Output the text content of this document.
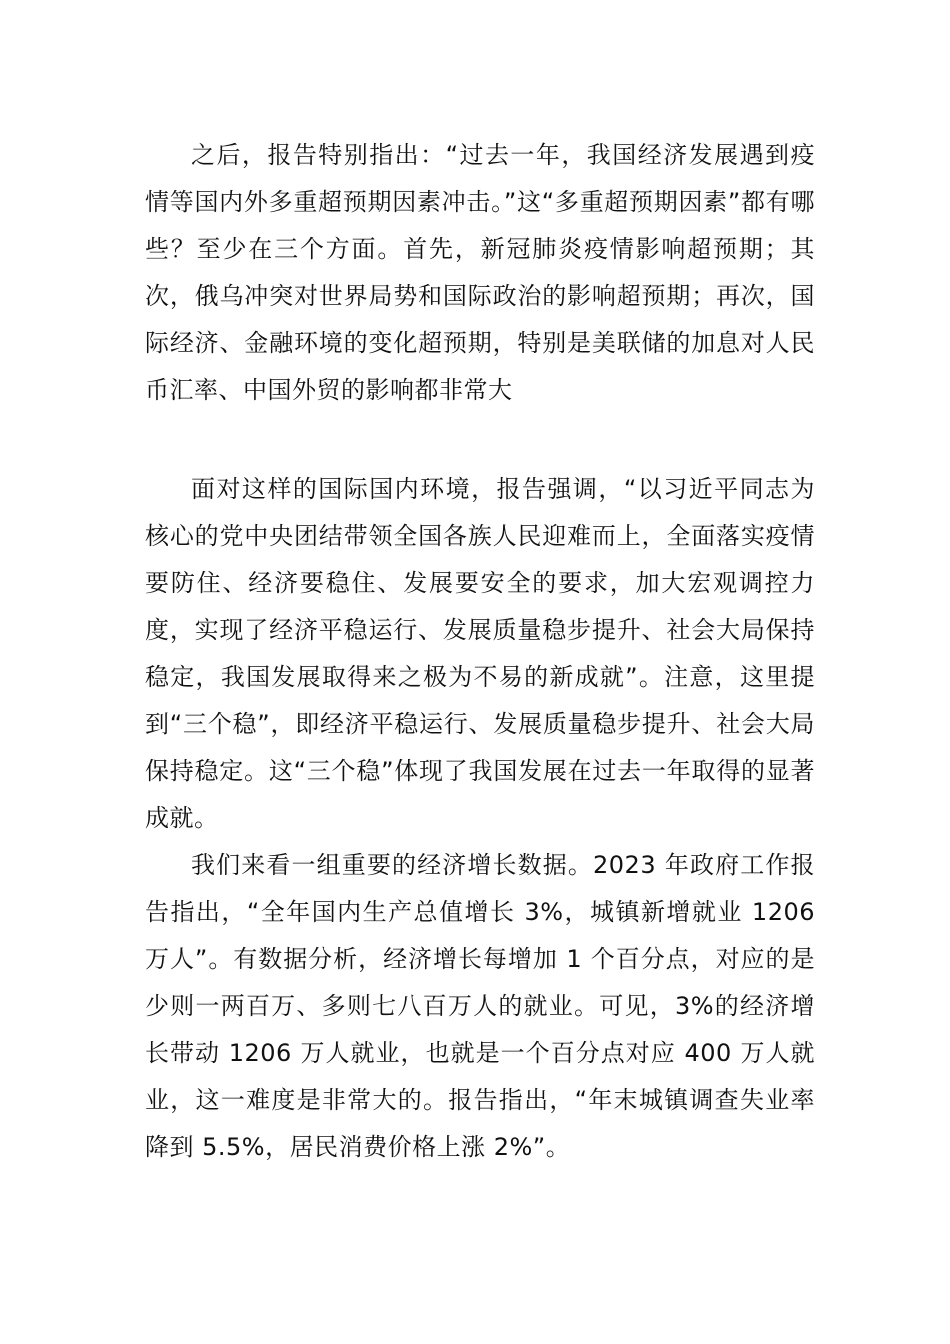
之后，报告特别指出：“过去一年，我国经济发展遇到疫情等国内外多重超预期因素冲击。”这“多重超预期因素”都有哪些？至少在三个方面。首先，新冠肺炎疫情影响超预期；其次，俄乌冲突对世界局势和国际政治的影响超预期；再次，国际经济、金融环境的变化超预期，特别是美联储的加息对人民币汇率、中国外贸的影响都非常大

面对这样的国际国内环境，报告强调，“以习近平同志为核心的党中央团结带领全国各族人民迎难而上，全面落实疫情要防住、经济要稳住、发展要安全的要求，加大宏观调控力度，实现了经济平稳运行、发展质量稳步提升、社会大局保持稳定，我国发展取得来之极为不易的新成就”。注意，这里提到“三个稳”，即经济平稳运行、发展质量稳步提升、社会大局保持稳定。这“三个稳”体现了我国发展在过去一年取得的显著成就。

我们来看一组重要的经济增长数据。2023 年政府工作报告指出，“全年国内生产总值增长 3%，城镇新增就业 1206 万人”。有数据分析，经济增长每增加 1 个百分点，对应的是少则一两百万、多则七八百万人的就业。可见，3%的经济增长带动 1206 万人就业，也就是一个百分点对应 400 万人就业，这一难度是非常大的。报告指出，“年末城镇调查失业率降到 5.5%，居民消费价格上涨 2%”。
